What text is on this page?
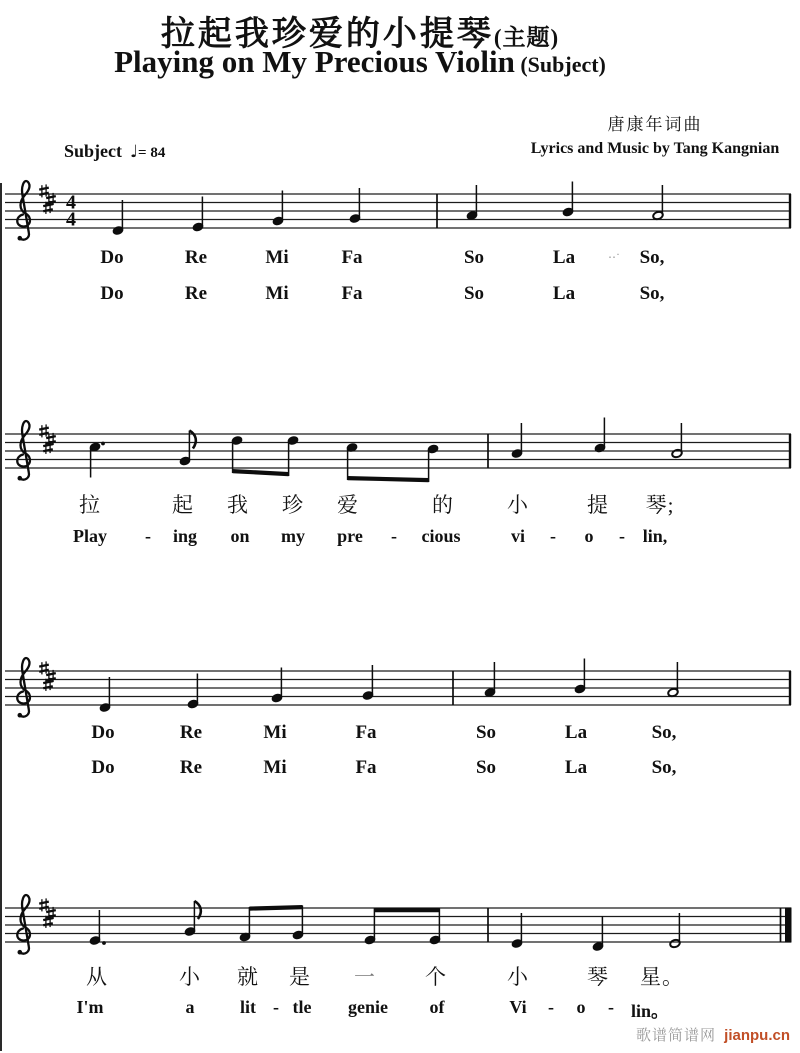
拉起我珍爱的小提琴(主题)
Playing on My Precious Violin (Subject)
唐康年词曲
Lyrics and Music by Tang Kangnian
Subject ♩= 84
4
4
Do	Re	Mi	Fa	So	La	‥· So,
Do	Re	Mi	Fa	So	La	So,
拉	起 我 珍 爱	的	小	提 琴;
Play - ing on my pre - cious	vi - o - lin,
Do	Re	Mi	Fa	So	La	So,
Do	Re	Mi	Fa	So	La	So,
从	小 就 是 一 个	小	琴 星。
I'm	a	lit - tle genie of	Vi - o - lin。
歌谱简谱网 jianpu.cn
